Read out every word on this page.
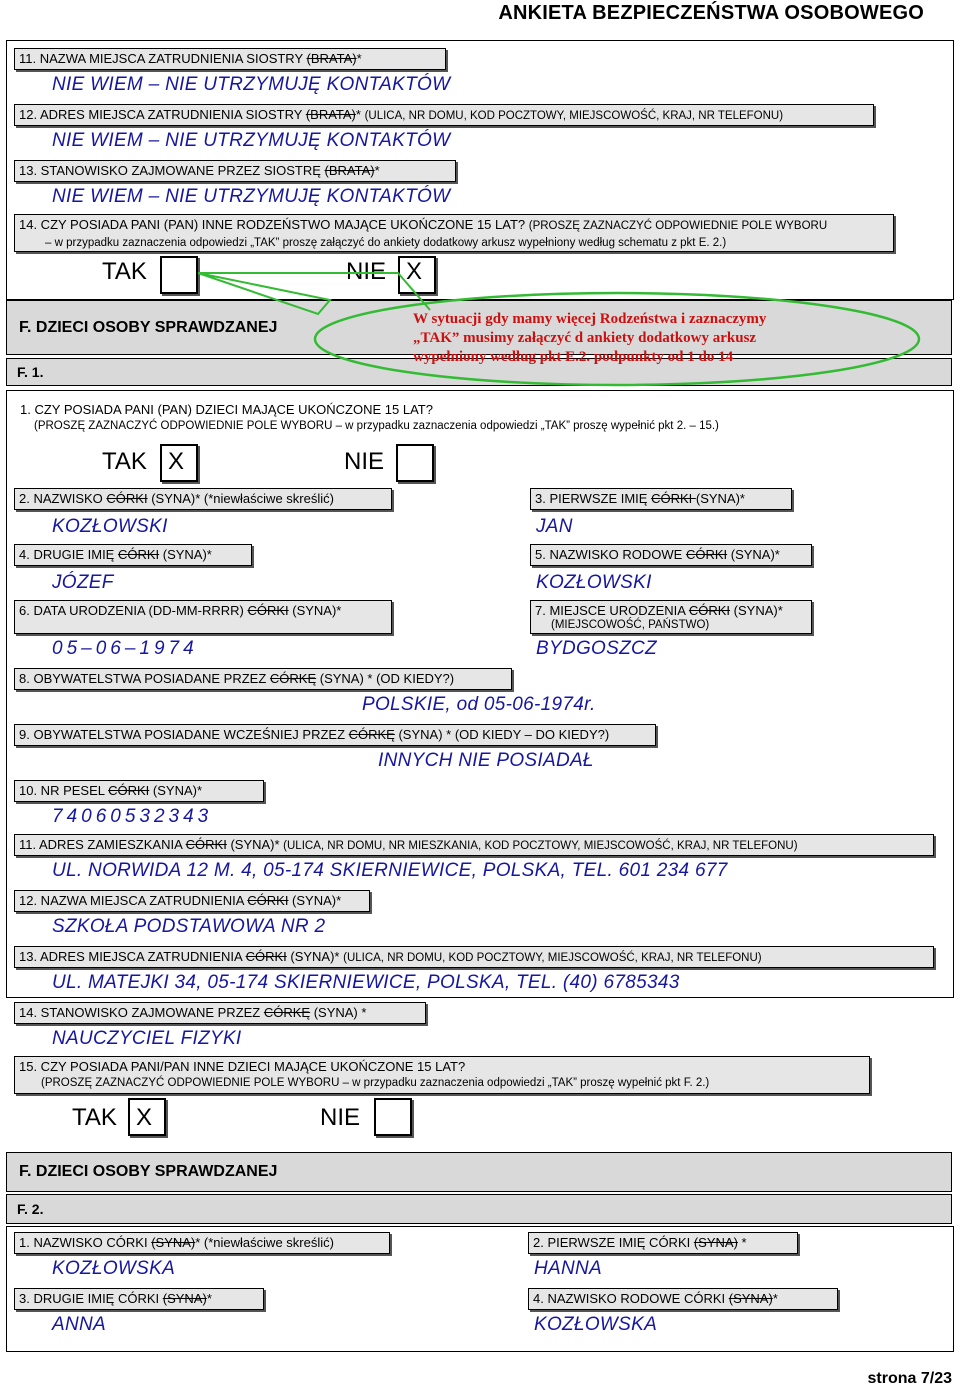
ANKIETA BEZPIECZEŃSTWA OSOBOWEGO
11. NAZWA MIEJSCA ZATRUDNIENIA SIOSTRY (BRATA)*
NIE WIEM – NIE UTRZYMUJĘ KONTAKTÓW
12. ADRES MIEJSCA ZATRUDNIENIA SIOSTRY (BRATA)* (ULICA, NR DOMU, KOD POCZTOWY, MIEJSCOWOŚĆ, KRAJ, NR TELEFONU)
NIE WIEM – NIE UTRZYMUJĘ KONTAKTÓW
13. STANOWISKO ZAJMOWANE PRZEZ SIOSTRĘ (BRATA)*
NIE WIEM – NIE UTRZYMUJĘ KONTAKTÓW
14. CZY POSIADA PANI (PAN) INNE RODZEŃSTWO MAJĄCE UKOŃCZONE 15 LAT? (PROSZĘ ZAZNACZYĆ ODPOWIEDNIE POLE WYBORU
– w przypadku zaznaczenia odpowiedzi „TAK” proszę załączyć do ankiety dodatkowy arkusz wypełniony według schematu z pkt E. 2.)
TAK	NIE X
F. DZIECI OSOBY SPRAWDZANEJ
F. 1.
W sytuacji gdy mamy więcej Rodzeństwa i zaznaczymy
„TAK” musimy załączyć d ankiety dodatkowy arkusz
wypełniony według pkt E.2. podpunkty od 1 do 14
1. CZY POSIADA PANI (PAN) DZIECI MAJĄCE UKOŃCZONE 15 LAT?
(PROSZĘ ZAZNACZYĆ ODPOWIEDNIE POLE WYBORU – w przypadku zaznaczenia odpowiedzi „TAK” proszę wypełnić pkt 2. – 15.)
TAK X	NIE
2. NAZWISKO CÓRKI (SYNA)* (*niewłaściwe skreślić)
KOZŁOWSKI
3. PIERWSZE IMIĘ CÓRKI (SYNA)*
JAN
4. DRUGIE IMIĘ CÓRKI (SYNA)*
JÓZEF
5. NAZWISKO RODOWE CÓRKI (SYNA)*
KOZŁOWSKI
6. DATA URODZENIA (DD-MM-RRRR) CÓRKI (SYNA)*
05–06–1974
7. MIEJSCE URODZENIA CÓRKI (SYNA)*
(MIEJSCOWOŚĆ, PAŃSTWO)
BYDGOSZCZ
8. OBYWATELSTWA POSIADANE PRZEZ CÓRKĘ (SYNA) * (OD KIEDY?)
POLSKIE, od 05-06-1974r.
9. OBYWATELSTWA POSIADANE WCZEŚNIEJ PRZEZ CÓRKĘ (SYNA) * (OD KIEDY – DO KIEDY?)
INNYCH NIE POSIADAŁ
10. NR PESEL CÓRKI (SYNA)*
74060532343
11. ADRES ZAMIESZKANIA CÓRKI (SYNA)* (ULICA, NR DOMU, NR MIESZKANIA, KOD POCZTOWY, MIEJSCOWOŚĆ, KRAJ, NR TELEFONU)
UL. NORWIDA 12 M. 4, 05-174 SKIERNIEWICE, POLSKA, TEL. 601 234 677
12. NAZWA MIEJSCA ZATRUDNIENIA CÓRKI (SYNA)*
SZKOŁA PODSTAWOWA NR 2
13. ADRES MIEJSCA ZATRUDNIENIA CÓRKI (SYNA)* (ULICA, NR DOMU, KOD POCZTOWY, MIEJSCOWOŚĆ, KRAJ, NR TELEFONU)
UL. MATEJKI 34, 05-174 SKIERNIEWICE, POLSKA, TEL. (40) 6785343
14. STANOWISKO ZAJMOWANE PRZEZ CÓRKĘ (SYNA) *
NAUCZYCIEL FIZYKI
15. CZY POSIADA PANI/PAN INNE DZIECI MAJĄCE UKOŃCZONE 15 LAT?
(PROSZĘ ZAZNACZYĆ ODPOWIEDNIE POLE WYBORU – w przypadku zaznaczenia odpowiedzi „TAK” proszę wypełnić pkt F. 2.)
TAK X	NIE
F. DZIECI OSOBY SPRAWDZANEJ
F. 2.
1. NAZWISKO CÓRKI (SYNA)* (*niewłaściwe skreślić)
KOZŁOWSKA
2. PIERWSZE IMIĘ CÓRKI (SYNA) *
HANNA
3. DRUGIE IMIĘ CÓRKI (SYNA)*
ANNA
4. NAZWISKO RODOWE CÓRKI (SYNA)*
KOZŁOWSKA
strona 7/23
